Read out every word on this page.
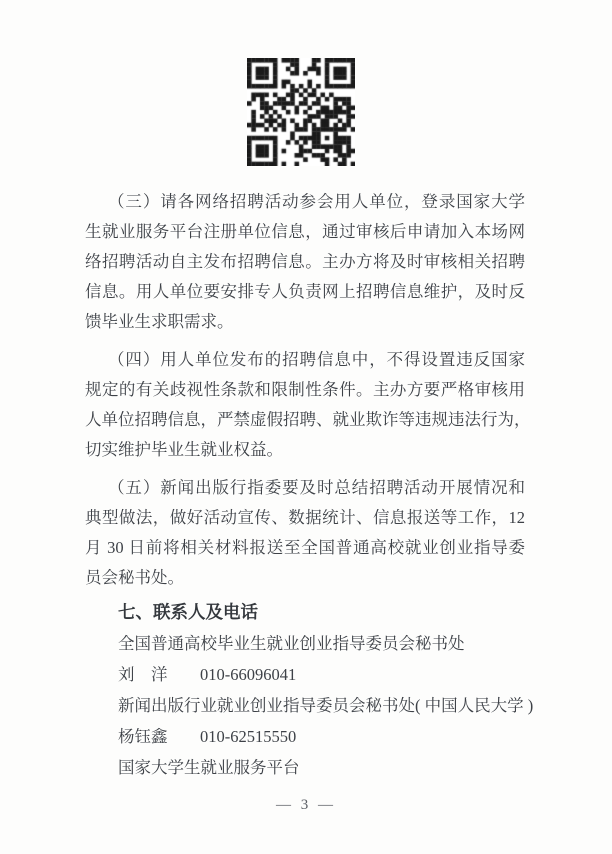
（三）请各网络招聘活动参会用人单位，登录国家大学
生就业服务平台注册单位信息，通过审核后申请加入本场网
络招聘活动自主发布招聘信息。主办方将及时审核相关招聘
信息。用人单位要安排专人负责网上招聘信息维护，及时反
馈毕业生求职需求。
（四）用人单位发布的招聘信息中，不得设置违反国家
规定的有关歧视性条款和限制性条件。主办方要严格审核用
人单位招聘信息，严禁虚假招聘、就业欺诈等违规违法行为，
切实维护毕业生就业权益。
（五）新闻出版行指委要及时总结招聘活动开展情况和
典型做法，做好活动宣传、数据统计、信息报送等工作，12
月 30 日前将相关材料报送至全国普通高校就业创业指导委
员会秘书处。
七、联系人及电话
全国普通高校毕业生就业创业指导委员会秘书处
刘　洋 010-66096041
新闻出版行业就业创业指导委员会秘书处( 中国人民大学 )
杨钰鑫 010-62515550
国家大学生就业服务平台
— 3 —
